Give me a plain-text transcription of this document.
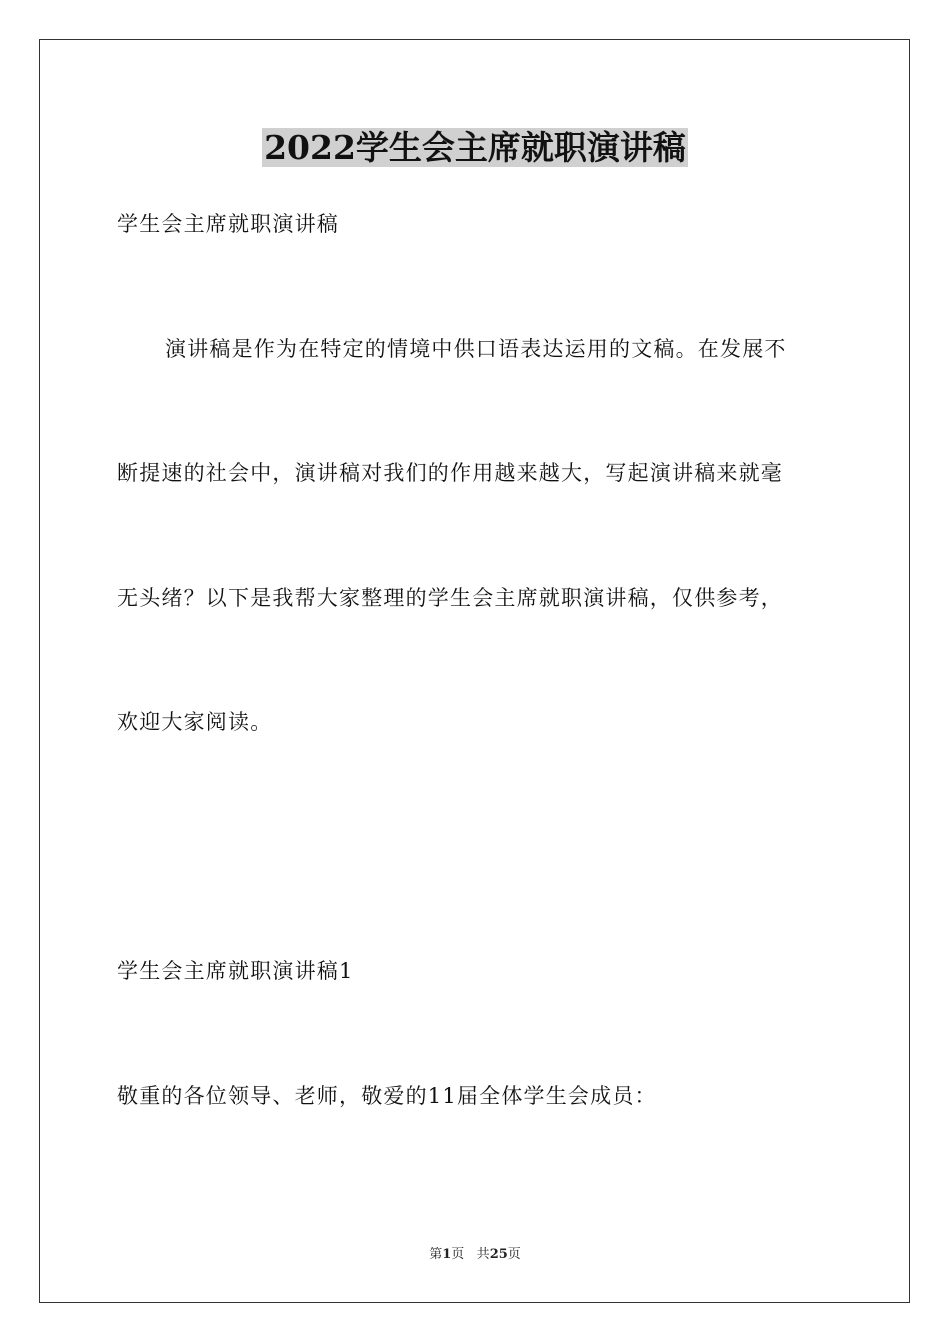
2022学生会主席就职演讲稿

学生会主席就职演讲稿

演讲稿是作为在特定的情境中供口语表达运用的文稿。在发展不

断提速的社会中，演讲稿对我们的作用越来越大，写起演讲稿来就毫

无头绪？以下是我帮大家整理的学生会主席就职演讲稿，仅供参考，

欢迎大家阅读。

学生会主席就职演讲稿1

敬重的各位领导、老师，敬爱的11届全体学生会成员：

第1页 共25页
